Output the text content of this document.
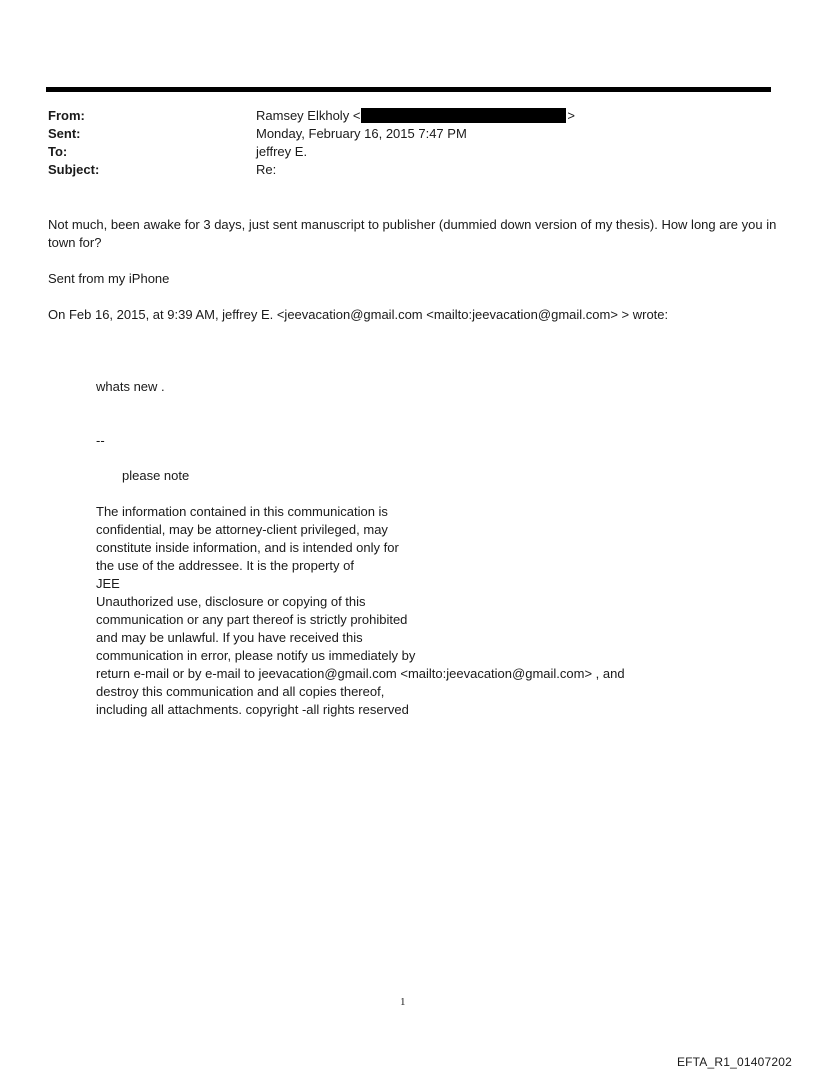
From:	Ramsey Elkholy <	>
Sent:	Monday, February 16, 2015 7:47 PM
To:	jeffrey E.
Subject:	Re:
Not much, been awake for 3 days, just sent manuscript to publisher (dummied down version of my thesis). How long are you in town for?
Sent from my iPhone
On Feb 16, 2015, at 9:39 AM, jeffrey E. <jeevacation@gmail.com <mailto:jeevacation@gmail.com> > wrote:
whats new .
--
please note
The information contained in this communication is
confidential, may be attorney-client privileged, may
constitute inside information, and is intended only for
the use of the addressee. It is the property of
JEE
Unauthorized use, disclosure or copying of this
communication or any part thereof is strictly prohibited
and may be unlawful. If you have received this
communication in error, please notify us immediately by
return e-mail or by e-mail to jeevacation@gmail.com <mailto:jeevacation@gmail.com> , and
destroy this communication and all copies thereof,
including all attachments. copyright -all rights reserved
1
EFTA_R1_01407202
